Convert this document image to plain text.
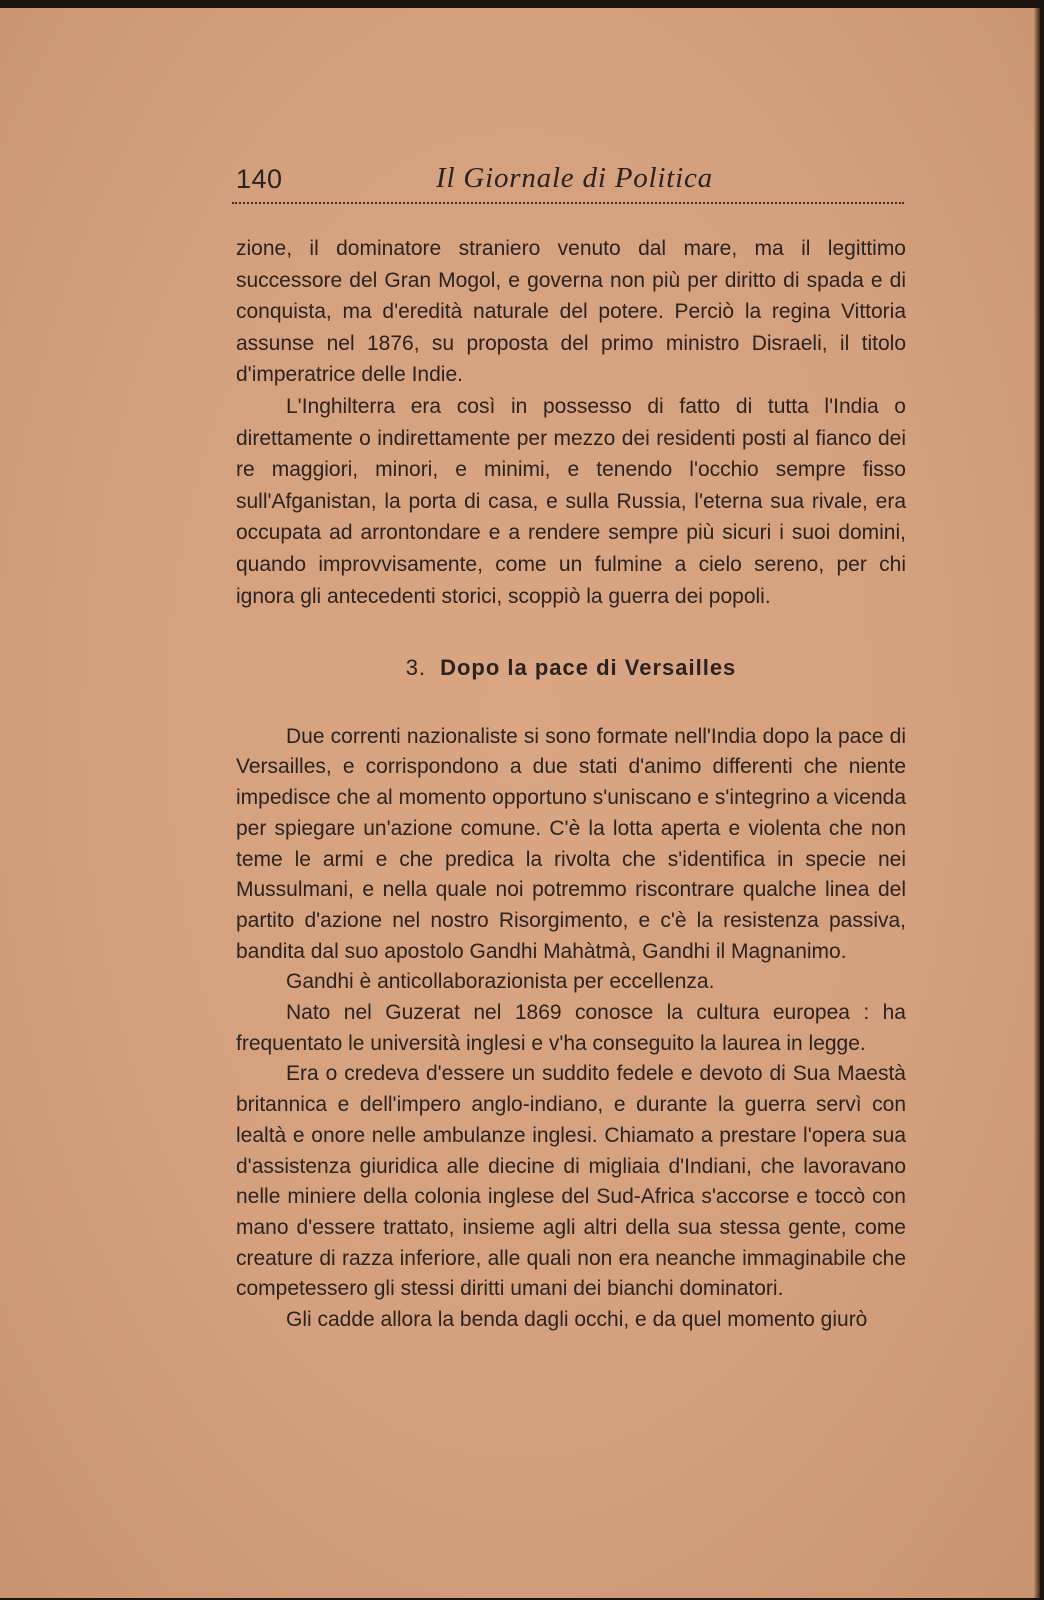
140	Il Giornale di Politica

zione, il dominatore straniero venuto dal mare, ma il legittimo successore del Gran Mogol, e governa non più per diritto di spada e di conquista, ma d'eredità naturale del potere. Perciò la regina Vittoria assunse nel 1876, su proposta del primo ministro Disraeli, il titolo d'imperatrice delle Indie.

L'Inghilterra era così in possesso di fatto di tutta l'India o direttamente o indirettamente per mezzo dei residenti posti al fianco dei re maggiori, minori, e minimi, e tenendo l'occhio sempre fisso sull'Afganistan, la porta di casa, e sulla Russia, l'eterna sua rivale, era occupata ad arrontondare e a rendere sempre più sicuri i suoi domini, quando improvvisamente, come un fulmine a cielo sereno, per chi ignora gli antecedenti storici, scoppiò la guerra dei popoli.

3. Dopo la pace di Versailles

Due correnti nazionaliste si sono formate nell'India dopo la pace di Versailles, e corrispondono a due stati d'animo differenti che niente impedisce che al momento opportuno s'uniscano e s'integrino a vicenda per spiegare un'azione comune. C'è la lotta aperta e violenta che non teme le armi e che predica la rivolta che s'identifica in specie nei Mussulmani, e nella quale noi potremmo riscontrare qualche linea del partito d'azione nel nostro Risorgimento, e c'è la resistenza passiva, bandita dal suo apostolo Gandhi Mahàtmà, Gandhi il Magnanimo.

Gandhi è anticollaborazionista per eccellenza.

Nato nel Guzerat nel 1869 conosce la cultura europea : ha frequentato le università inglesi e v'ha conseguito la laurea in legge.

Era o credeva d'essere un suddito fedele e devoto di Sua Maestà britannica e dell'impero anglo-indiano, e durante la guerra servì con lealtà e onore nelle ambulanze inglesi. Chiamato a prestare l'opera sua d'assistenza giuridica alle diecine di migliaia d'Indiani, che lavoravano nelle miniere della colonia inglese del Sud-Africa s'accorse e toccò con mano d'essere trattato, insieme agli altri della sua stessa gente, come creature di razza inferiore, alle quali non era neanche immaginabile che competessero gli stessi diritti umani dei bianchi dominatori.

Gli cadde allora la benda dagli occhi, e da quel momento giurò
